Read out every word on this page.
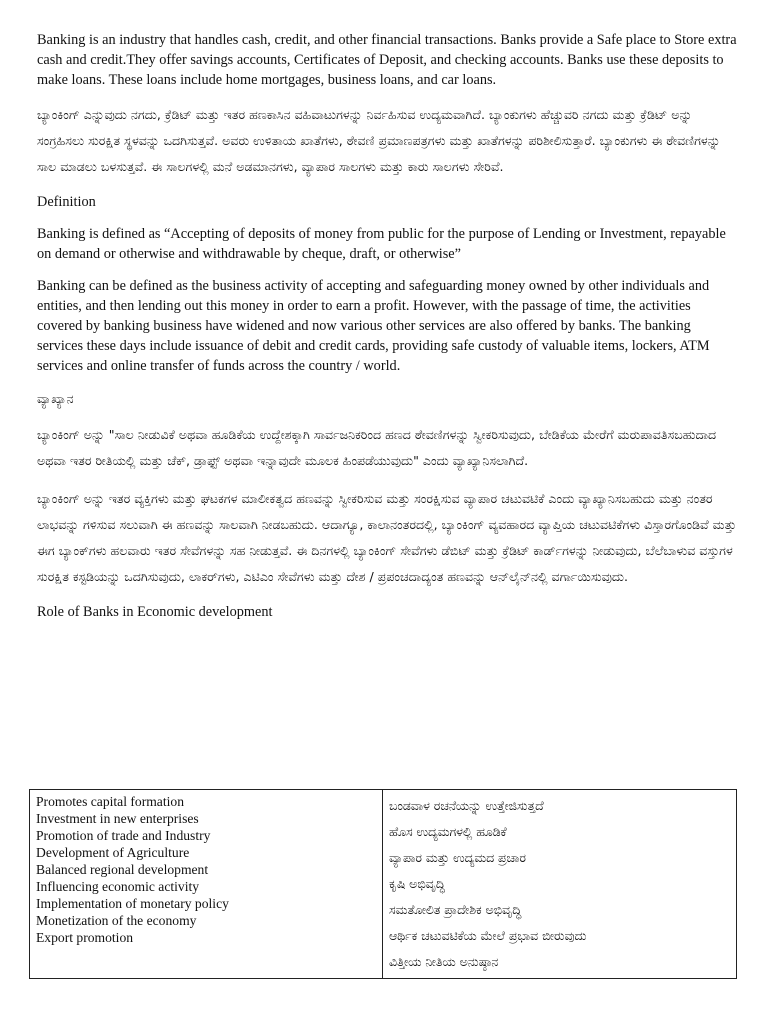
Banking is an industry that handles cash, credit, and other financial transactions. Banks provide a Safe place to Store extra cash and credit.They offer savings accounts, Certificates of Deposit, and checking accounts. Banks use these deposits to make loans. These loans include home mortgages, business loans, and car loans.

ಬ್ಯಾಂಕಿಂಗ್ ಎನ್ನುವುದು ನಗದು, ಕ್ರೆಡಿಟ್ ಮತ್ತು ಇತರ ಹಣಕಾಸಿನ ವಹಿವಾಟುಗಳನ್ನು ನಿರ್ವಹಿಸುವ ಉದ್ಯಮವಾಗಿದೆ. ಬ್ಯಾಂಕುಗಳು ಹೆಚ್ಚುವರಿ ನಗದು ಮತ್ತು ಕ್ರೆಡಿಟ್ ಅನ್ನು ಸಂಗ್ರಹಿಸಲು ಸುರಕ್ಷಿತ ಸ್ಥಳವನ್ನು ಒದಗಿಸುತ್ತವೆ. ಅವರು ಉಳಿತಾಯ ಖಾತೆಗಳು, ಠೇವಣಿ ಪ್ರಮಾಣಪತ್ರಗಳು ಮತ್ತು ಖಾತೆಗಳನ್ನು ಪರಿಶೀಲಿಸುತ್ತಾರೆ. ಬ್ಯಾಂಕುಗಳು ಈ ಠೇವಣಿಗಳನ್ನು ಸಾಲ ಮಾಡಲು ಬಳಸುತ್ತವೆ. ಈ ಸಾಲಗಳಲ್ಲಿ ಮನೆ ಅಡಮಾನಗಳು, ವ್ಯಾಪಾರ ಸಾಲಗಳು ಮತ್ತು ಕಾರು ಸಾಲಗಳು ಸೇರಿವೆ.

Definition

Banking is defined as “Accepting of deposits of money from public for the purpose of Lending or Investment, repayable on demand or otherwise and withdrawable by cheque, draft, or otherwise”

Banking can be defined as the business activity of accepting and safeguarding money owned by other individuals and entities, and then lending out this money in order to earn a profit. However, with the passage of time, the activities covered by banking business have widened and now various other services are also offered by banks. The banking services these days include issuance of debit and credit cards, providing safe custody of valuable items, lockers, ATM services and online transfer of funds across the country / world.

ವ್ಯಾಖ್ಯಾನ

ಬ್ಯಾಂಕಿಂಗ್ ಅನ್ನು "ಸಾಲ ನೀಡುವಿಕೆ ಅಥವಾ ಹೂಡಿಕೆಯ ಉದ್ದೇಶಕ್ಕಾಗಿ ಸಾರ್ವಜನಿಕರಿಂದ ಹಣದ ಠೇವಣಿಗಳನ್ನು ಸ್ವೀಕರಿಸುವುದು, ಬೇಡಿಕೆಯ ಮೇರೆಗೆ ಮರುಪಾವತಿಸಬಹುದಾದ ಅಥವಾ ಇತರ ರೀತಿಯಲ್ಲಿ ಮತ್ತು ಚೆಕ್, ಡ್ರಾಫ್ಟ್ ಅಥವಾ ಇನ್ನಾವುದೇ ಮೂಲಕ ಹಿಂಪಡೆಯುವುದು" ಎಂದು ವ್ಯಾಖ್ಯಾನಿಸಲಾಗಿದೆ.

ಬ್ಯಾಂಕಿಂಗ್ ಅನ್ನು ಇತರ ವ್ಯಕ್ತಿಗಳು ಮತ್ತು ಘಟಕಗಳ ಮಾಲೀಕತ್ವದ ಹಣವನ್ನು ಸ್ವೀಕರಿಸುವ ಮತ್ತು ಸಂರಕ್ಷಿಸುವ ವ್ಯಾಪಾರ ಚಟುವಟಿಕೆ ಎಂದು ವ್ಯಾಖ್ಯಾನಿಸಬಹುದು ಮತ್ತು ನಂತರ ಲಾಭವನ್ನು ಗಳಿಸುವ ಸಲುವಾಗಿ ಈ ಹಣವನ್ನು ಸಾಲವಾಗಿ ನೀಡಬಹುದು. ಆದಾಗ್ಯೂ, ಕಾಲಾನಂತರದಲ್ಲಿ, ಬ್ಯಾಂಕಿಂಗ್ ವ್ಯವಹಾರದ ವ್ಯಾಪ್ತಿಯ ಚಟುವಟಿಕೆಗಳು ವಿಸ್ತಾರಗೊಂಡಿವೆ ಮತ್ತು ಈಗ ಬ್ಯಾಂಕ್‌ಗಳು ಹಲವಾರು ಇತರ ಸೇವೆಗಳನ್ನು ಸಹ ನೀಡುತ್ತವೆ. ಈ ದಿನಗಳಲ್ಲಿ ಬ್ಯಾಂಕಿಂಗ್ ಸೇವೆಗಳು ಡೆಬಿಟ್ ಮತ್ತು ಕ್ರೆಡಿಟ್ ಕಾರ್ಡ್‌ಗಳನ್ನು ನೀಡುವುದು, ಬೆಲೆಬಾಳುವ ವಸ್ತುಗಳ ಸುರಕ್ಷಿತ ಕಸ್ಟಡಿಯನ್ನು ಒದಗಿಸುವುದು, ಲಾಕರ್‌ಗಳು, ಎಟಿಎಂ ಸೇವೆಗಳು ಮತ್ತು ದೇಶ / ಪ್ರಪಂಚದಾದ್ಯಂತ ಹಣವನ್ನು ಆನ್‌ಲೈನ್‌ನಲ್ಲಿ ವರ್ಗಾಯಿಸುವುದು.

Role of Banks in Economic development

Promotes capital formation
Investment in new enterprises
Promotion of trade and Industry
Development of Agriculture
Balanced regional development
Influencing economic activity
Implementation of monetary policy
Monetization of the economy
Export promotion

ಬಂಡವಾಳ ರಚನೆಯನ್ನು ಉತ್ತೇಜಿಸುತ್ತದೆ
ಹೊಸ ಉದ್ಯಮಗಳಲ್ಲಿ ಹೂಡಿಕೆ
ವ್ಯಾಪಾರ ಮತ್ತು ಉದ್ಯಮದ ಪ್ರಚಾರ
ಕೃಷಿ ಅಭಿವೃದ್ಧಿ
ಸಮತೋಲಿತ ಪ್ರಾದೇಶಿಕ ಅಭಿವೃದ್ಧಿ
ಆರ್ಥಿಕ ಚಟುವಟಿಕೆಯ ಮೇಲೆ ಪ್ರಭಾವ ಬೀರುವುದು
ವಿತ್ತೀಯ ನೀತಿಯ ಅನುಷ್ಠಾನ
